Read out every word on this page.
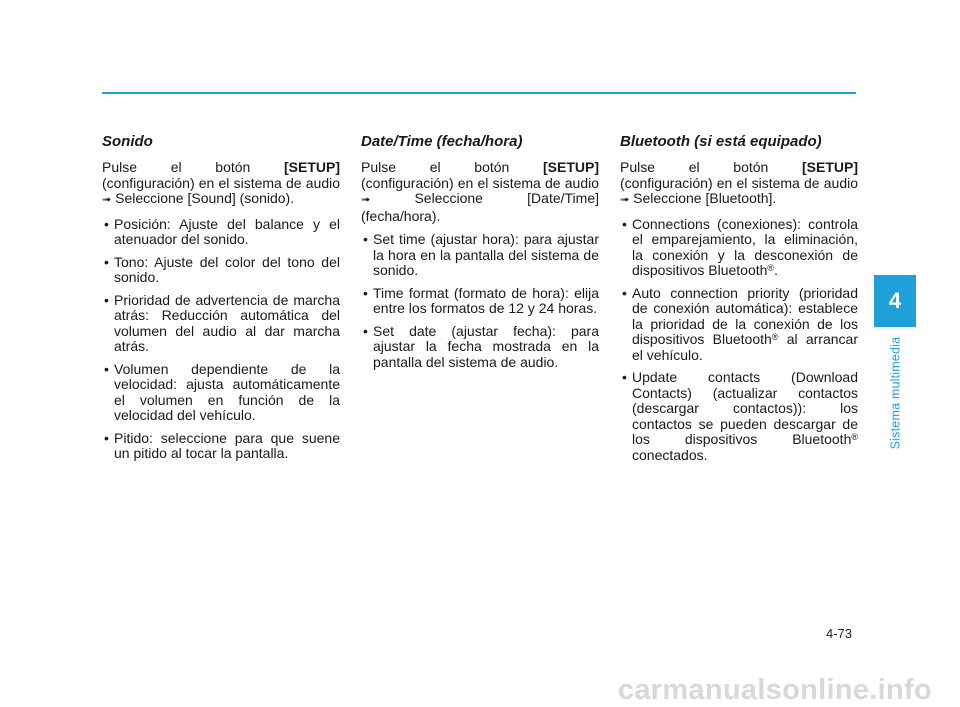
4
Sistema multimedia
Sonido

Pulse el botón [SETUP] (configuración) en el sistema de audio ➟ Seleccione [Sound] (sonido).

• Posición: Ajuste del balance y el atenuador del sonido.
• Tono: Ajuste del color del tono del sonido.
• Prioridad de advertencia de marcha atrás: Reducción automática del volumen del audio al dar marcha atrás.
• Volumen dependiente de la velocidad: ajusta automáticamente el volumen en función de la velocidad del vehículo.
• Pitido: seleccione para que suene un pitido al tocar la pantalla.
Date/Time (fecha/hora)

Pulse el botón [SETUP] (configuración) en el sistema de audio ➟ Seleccione [Date/Time] (fecha/hora).

• Set time (ajustar hora): para ajustar la hora en la pantalla del sistema de sonido.
• Time format (formato de hora): elija entre los formatos de 12 y 24 horas.
• Set date (ajustar fecha): para ajustar la fecha mostrada en la pantalla del sistema de audio.
Bluetooth (si está equipado)

Pulse el botón [SETUP] (configuración) en el sistema de audio ➟ Seleccione [Bluetooth].

• Connections (conexiones): controla el emparejamiento, la eliminación, la conexión y la desconexión de dispositivos Bluetooth®.
• Auto connection priority (prioridad de conexión automática): establece la prioridad de la conexión de los dispositivos Bluetooth® al arrancar el vehículo.
• Update contacts (Download Contacts) (actualizar contactos (descargar contactos)): los contactos se pueden descargar de los dispositivos Bluetooth® conectados.
4-73
carmanualsonline.info
